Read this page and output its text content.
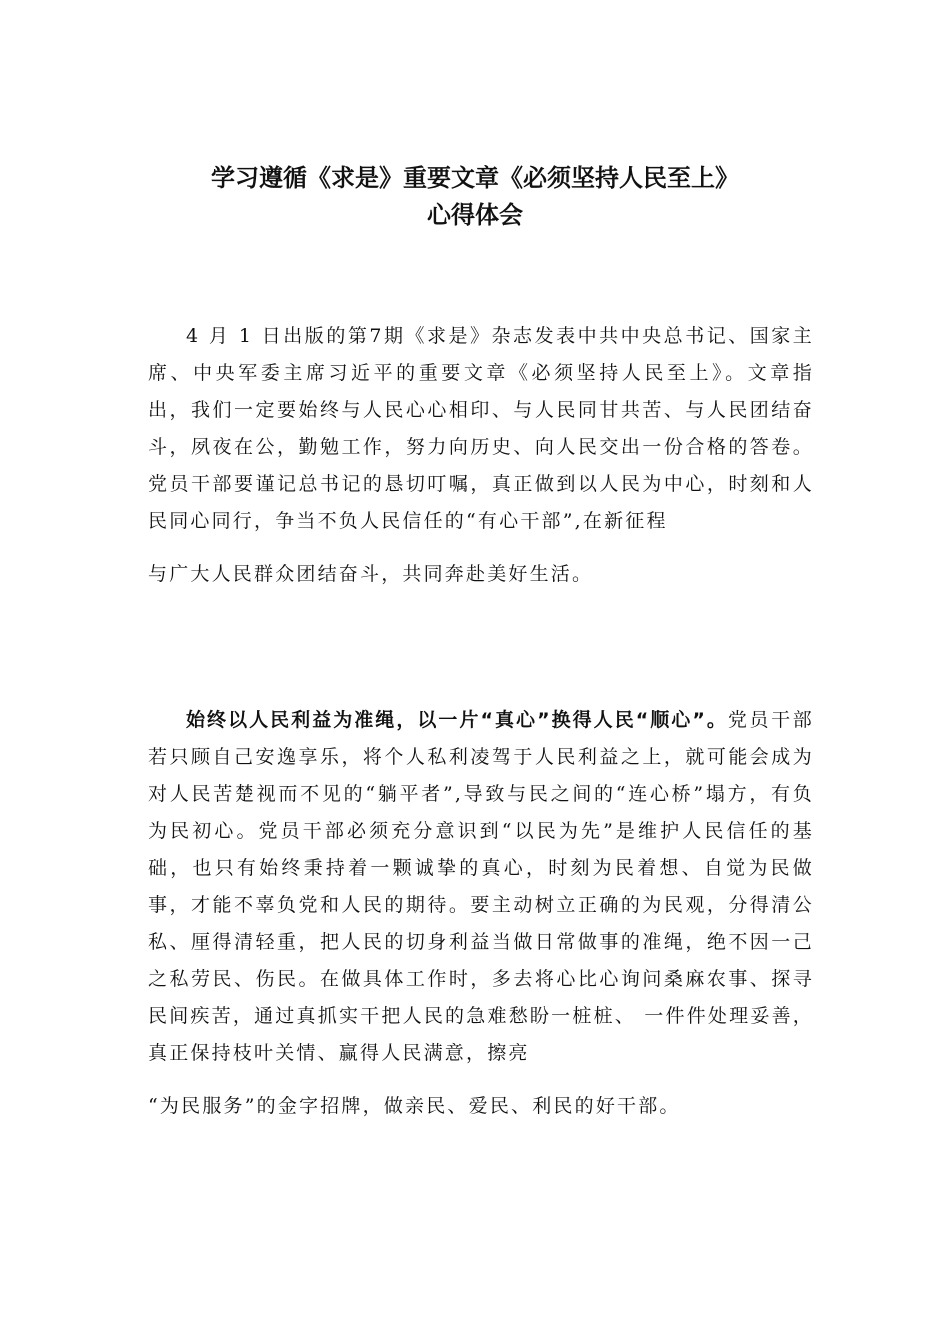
学习遵循《求是》重要文章《必须坚持人民至上》
心得体会

4 月 1 日出版的第7期《求是》杂志发表中共中央总书记、国家主席、中央军委主席习近平的重要文章《必须坚持人民至上》。文章指出，我们一定要始终与人民心心相印、与人民同甘共苦、与人民团结奋斗，夙夜在公，勤勉工作，努力向历史、向人民交出一份合格的答卷。党员干部要谨记总书记的恳切叮嘱，真正做到以人民为中心，时刻和人民同心同行，争当不负人民信任的“有心干部”,在新征程
与广大人民群众团结奋斗，共同奔赴美好生活。

始终以人民利益为准绳，以一片“真心”换得人民“顺心”。党员干部若只顾自己安逸享乐，将个人私利凌驾于人民利益之上，就可能会成为对人民苦楚视而不见的“躺平者”,导致与民之间的“连心桥”塌方，有负为民初心。党员干部必须充分意识到“以民为先”是维护人民信任的基础，也只有始终秉持着一颗诚挚的真心，时刻为民着想、自觉为民做事，才能不辜负党和人民的期待。要主动树立正确的为民观，分得清公私、厘得清轻重，把人民的切身利益当做日常做事的准绳，绝不因一己之私劳民、伤民。在做具体工作时，多去将心比心询问桑麻农事、探寻民间疾苦，通过真抓实干把人民的急难愁盼一桩桩、 一件件处理妥善，真正保持枝叶关情、赢得人民满意，擦亮
“为民服务”的金字招牌，做亲民、爱民、利民的好干部。
